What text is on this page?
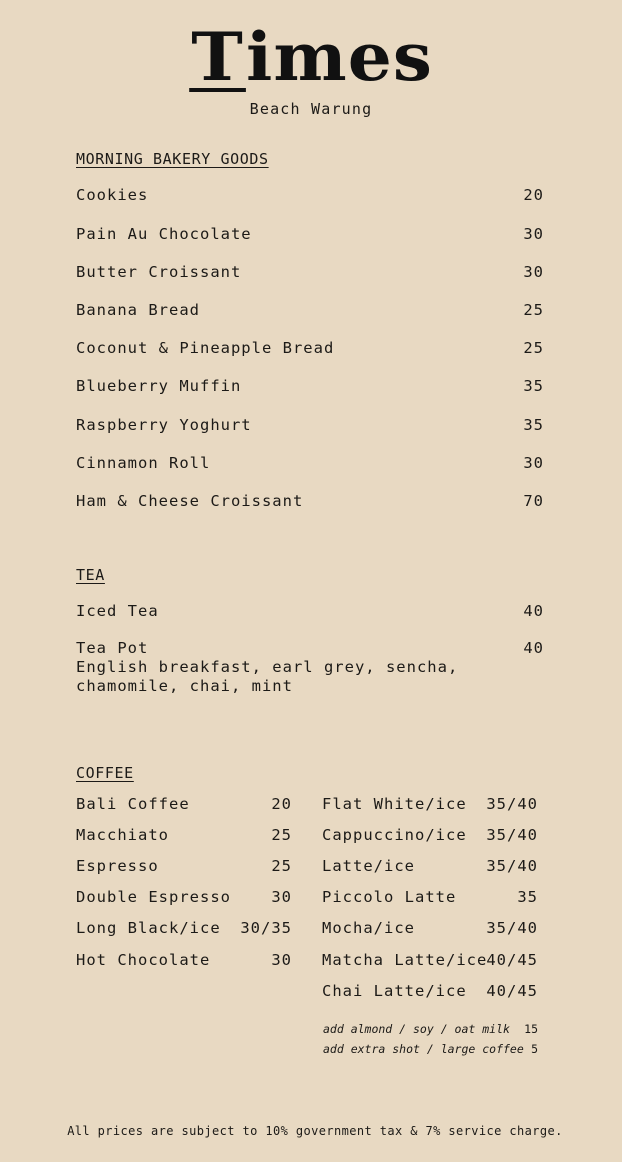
Times
Beach Warung
MORNING BAKERY GOODS
Cookies	20
Pain Au Chocolate	30
Butter Croissant	30
Banana Bread	25
Coconut & Pineapple Bread	25
Blueberry Muffin	35
Raspberry Yoghurt	35
Cinnamon Roll	30
Ham & Cheese Croissant	70
TEA
Iced Tea	40
Tea Pot	40
English breakfast, earl grey, sencha, chamomile, chai, mint
COFFEE
Bali Coffee	20
Macchiato	25
Espresso	25
Double Espresso	30
Long Black/ice 30/35
Hot Chocolate	30
Flat White/ice 35/40
Cappuccino/ice 35/40
Latte/ice	35/40
Piccolo Latte	35
Mocha/ice	35/40
Matcha Latte/ice 40/45
Chai Latte/ice 40/45
add almond / soy / oat milk 15
add extra shot / large coffee 5
All prices are subject to 10% government tax & 7% service charge.
